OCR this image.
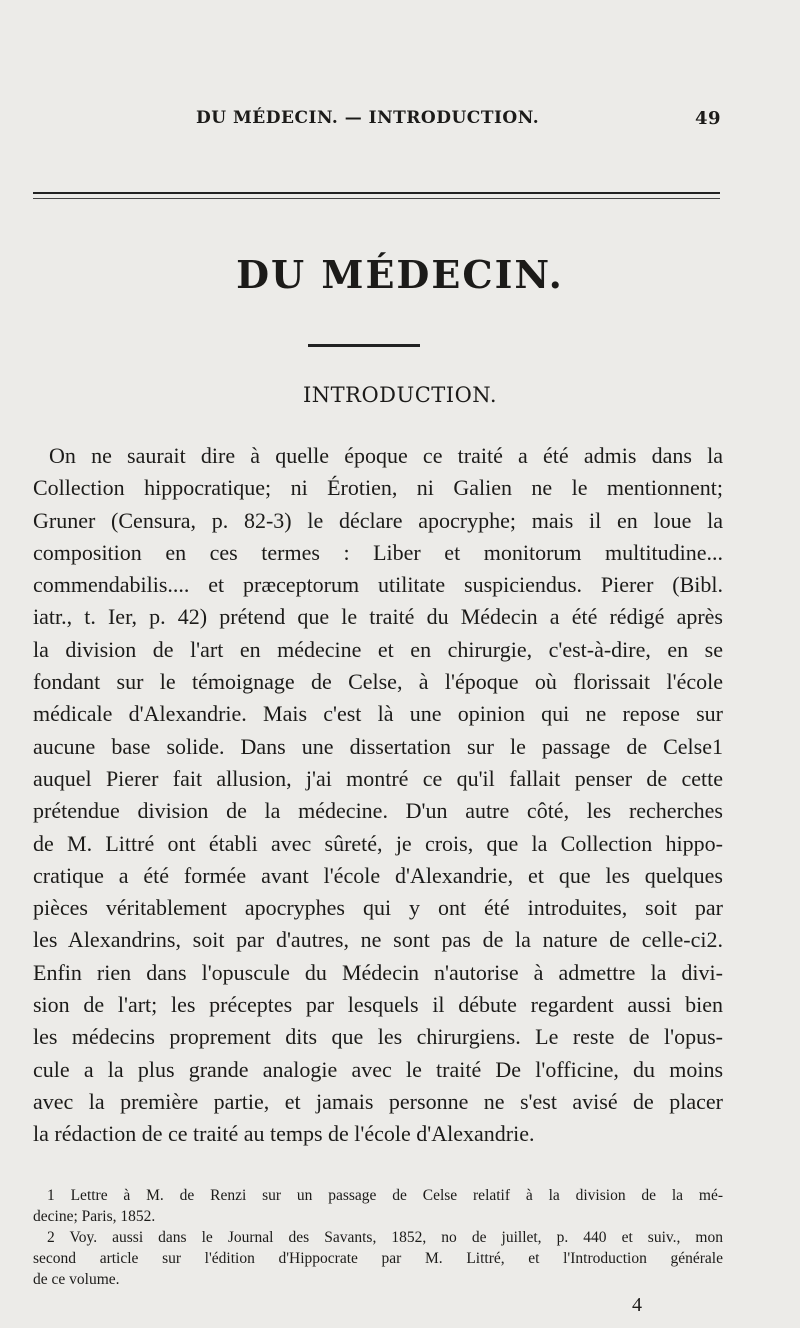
DU MÉDECIN. — INTRODUCTION.	49
DU MÉDECIN.
INTRODUCTION.
On ne saurait dire à quelle époque ce traité a été admis dans la
Collection hippocratique; ni Érotien, ni Galien ne le mentionnent;
Gruner (Censura, p. 82-3) le déclare apocryphe; mais il en loue la
composition en ces termes : Liber et monitorum multitudine...
commendabilis.... et præceptorum utilitate suspiciendus. Pierer (Bibl.
iatr., t. Ier, p. 42) prétend que le traité du Médecin a été rédigé après
la division de l'art en médecine et en chirurgie, c'est-à-dire, en se
fondant sur le témoignage de Celse, à l'époque où florissait l'école
médicale d'Alexandrie. Mais c'est là une opinion qui ne repose sur
aucune base solide. Dans une dissertation sur le passage de Celse1
auquel Pierer fait allusion, j'ai montré ce qu'il fallait penser de cette
prétendue division de la médecine. D'un autre côté, les recherches
de M. Littré ont établi avec sûreté, je crois, que la Collection hippo-
cratique a été formée avant l'école d'Alexandrie, et que les quelques
pièces véritablement apocryphes qui y ont été introduites, soit par
les Alexandrins, soit par d'autres, ne sont pas de la nature de celle-ci2.
Enfin rien dans l'opuscule du Médecin n'autorise à admettre la divi-
sion de l'art; les préceptes par lesquels il débute regardent aussi bien
les médecins proprement dits que les chirurgiens. Le reste de l'opus-
cule a la plus grande analogie avec le traité De l'officine, du moins
avec la première partie, et jamais personne ne s'est avisé de placer
la rédaction de ce traité au temps de l'école d'Alexandrie.
1 Lettre à M. de Renzi sur un passage de Celse relatif à la division de la mé-
decine; Paris, 1852.
2 Voy. aussi dans le Journal des Savants, 1852, no de juillet, p. 440 et suiv., mon
second article sur l'édition d'Hippocrate par M. Littré, et l'Introduction générale
de ce volume.
4
